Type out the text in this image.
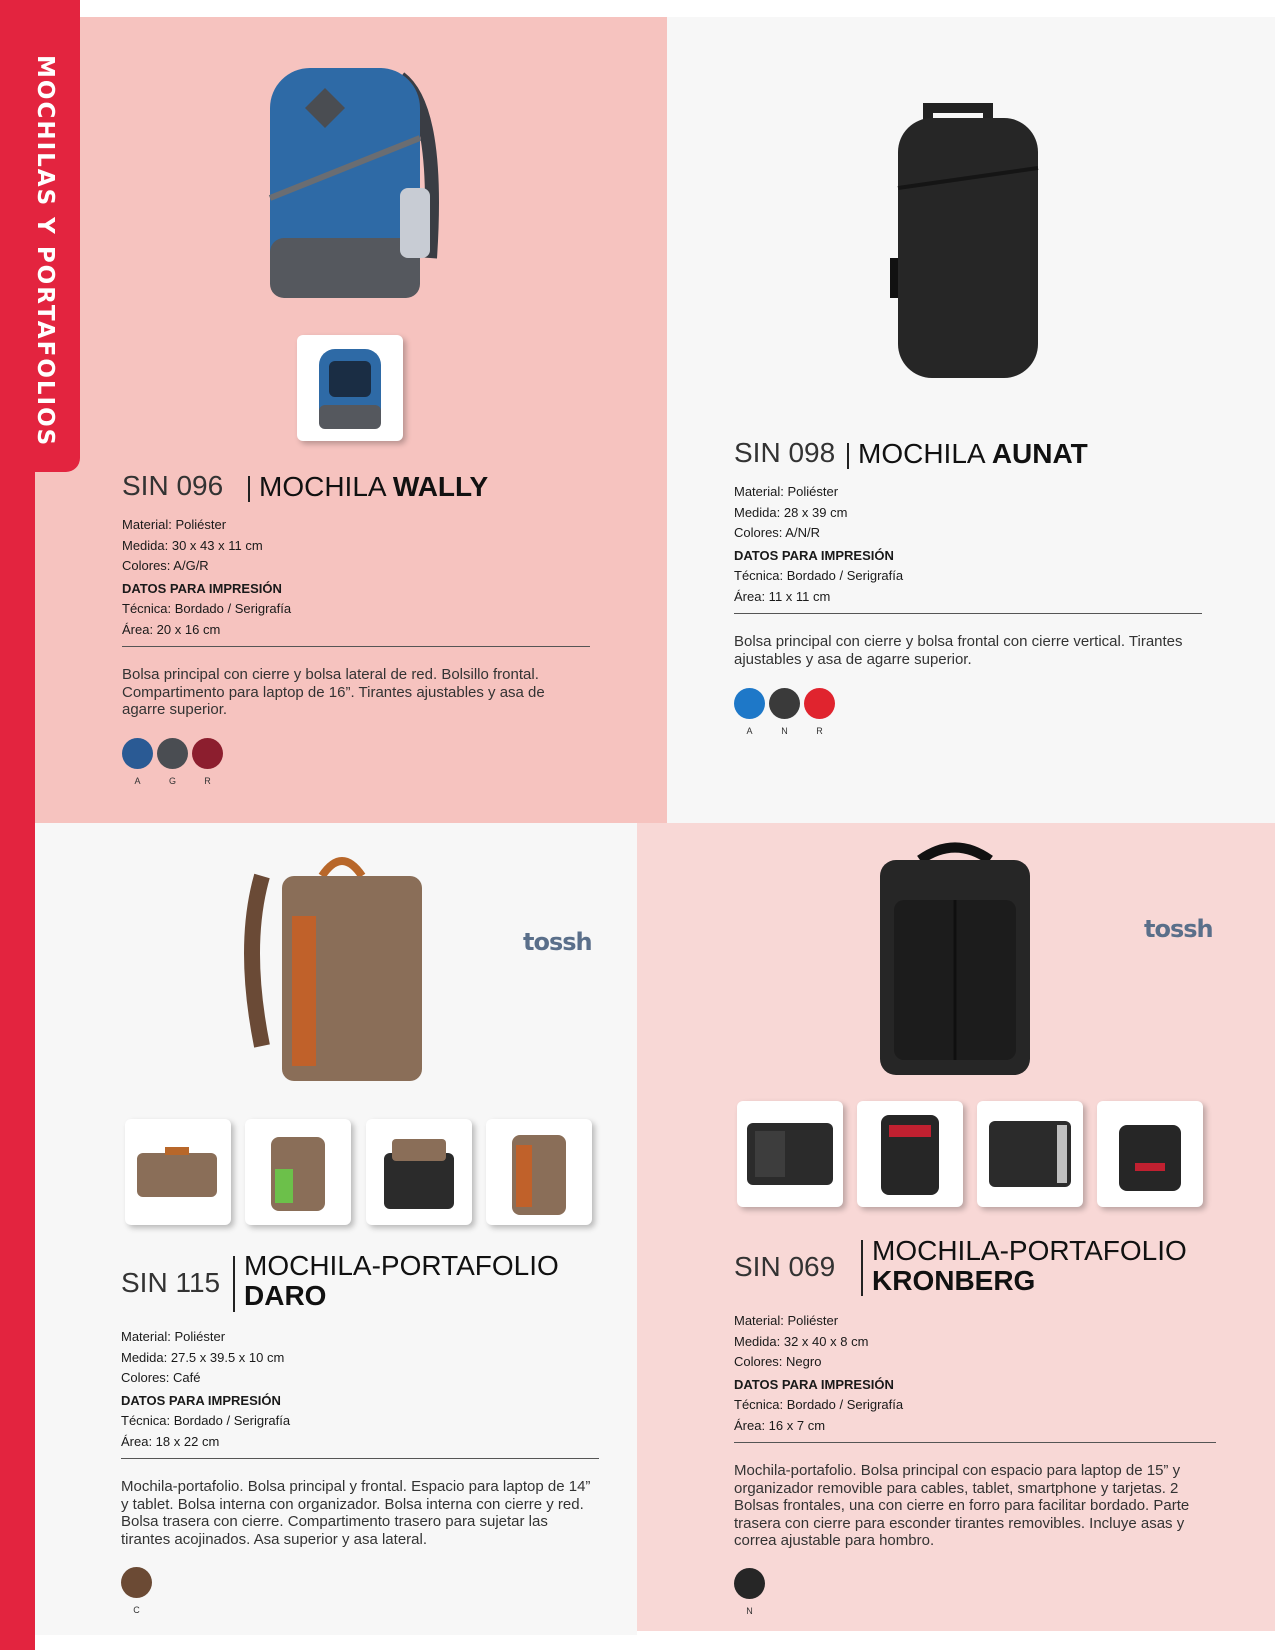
MOCHILAS Y PORTAFOLIOS
SIN 096 MOCHILA WALLY
Material: Poliéster
Medida: 30 x 43 x 11 cm
Colores: A/G/R
DATOS PARA IMPRESIÓN
Técnica: Bordado / Serigrafía
Área: 20 x 16 cm
Bolsa principal con cierre y bolsa lateral de red. Bolsillo frontal. Compartimento para laptop de 16”. Tirantes ajustables y asa de agarre superior.
A	G	R
SIN 098 MOCHILA AUNAT
Material: Poliéster
Medida: 28 x 39 cm
Colores: A/N/R
DATOS PARA IMPRESIÓN
Técnica: Bordado / Serigrafía
Área: 11 x 11 cm
Bolsa principal con cierre y bolsa frontal con cierre vertical. Tirantes ajustables y asa de agarre superior.
A	N	R
tossh
SIN 115
MOCHILA-PORTAFOLIO
DARO
Material: Poliéster
Medida: 27.5 x 39.5 x 10 cm
Colores: Café
DATOS PARA IMPRESIÓN
Técnica: Bordado / Serigrafía
Área: 18 x 22 cm
Mochila-portafolio. Bolsa principal y frontal. Espacio para laptop de 14” y tablet. Bolsa interna con organizador. Bolsa interna con cierre y red. Bolsa trasera con cierre. Compartimento trasero para sujetar las tirantes acojinados. Asa superior y asa lateral.
C
tossh
SIN 069
MOCHILA-PORTAFOLIO
KRONBERG
Material: Poliéster
Medida: 32 x 40 x 8 cm
Colores: Negro
DATOS PARA IMPRESIÓN
Técnica: Bordado / Serigrafía
Área: 16 x 7 cm
Mochila-portafolio. Bolsa principal con espacio para laptop de 15” y organizador removible para cables, tablet, smartphone y tarjetas. 2 Bolsas frontales, una con cierre en forro para facilitar bordado. Parte trasera con cierre para esconder tirantes removibles. Incluye asas y correa ajustable para hombro.
N
